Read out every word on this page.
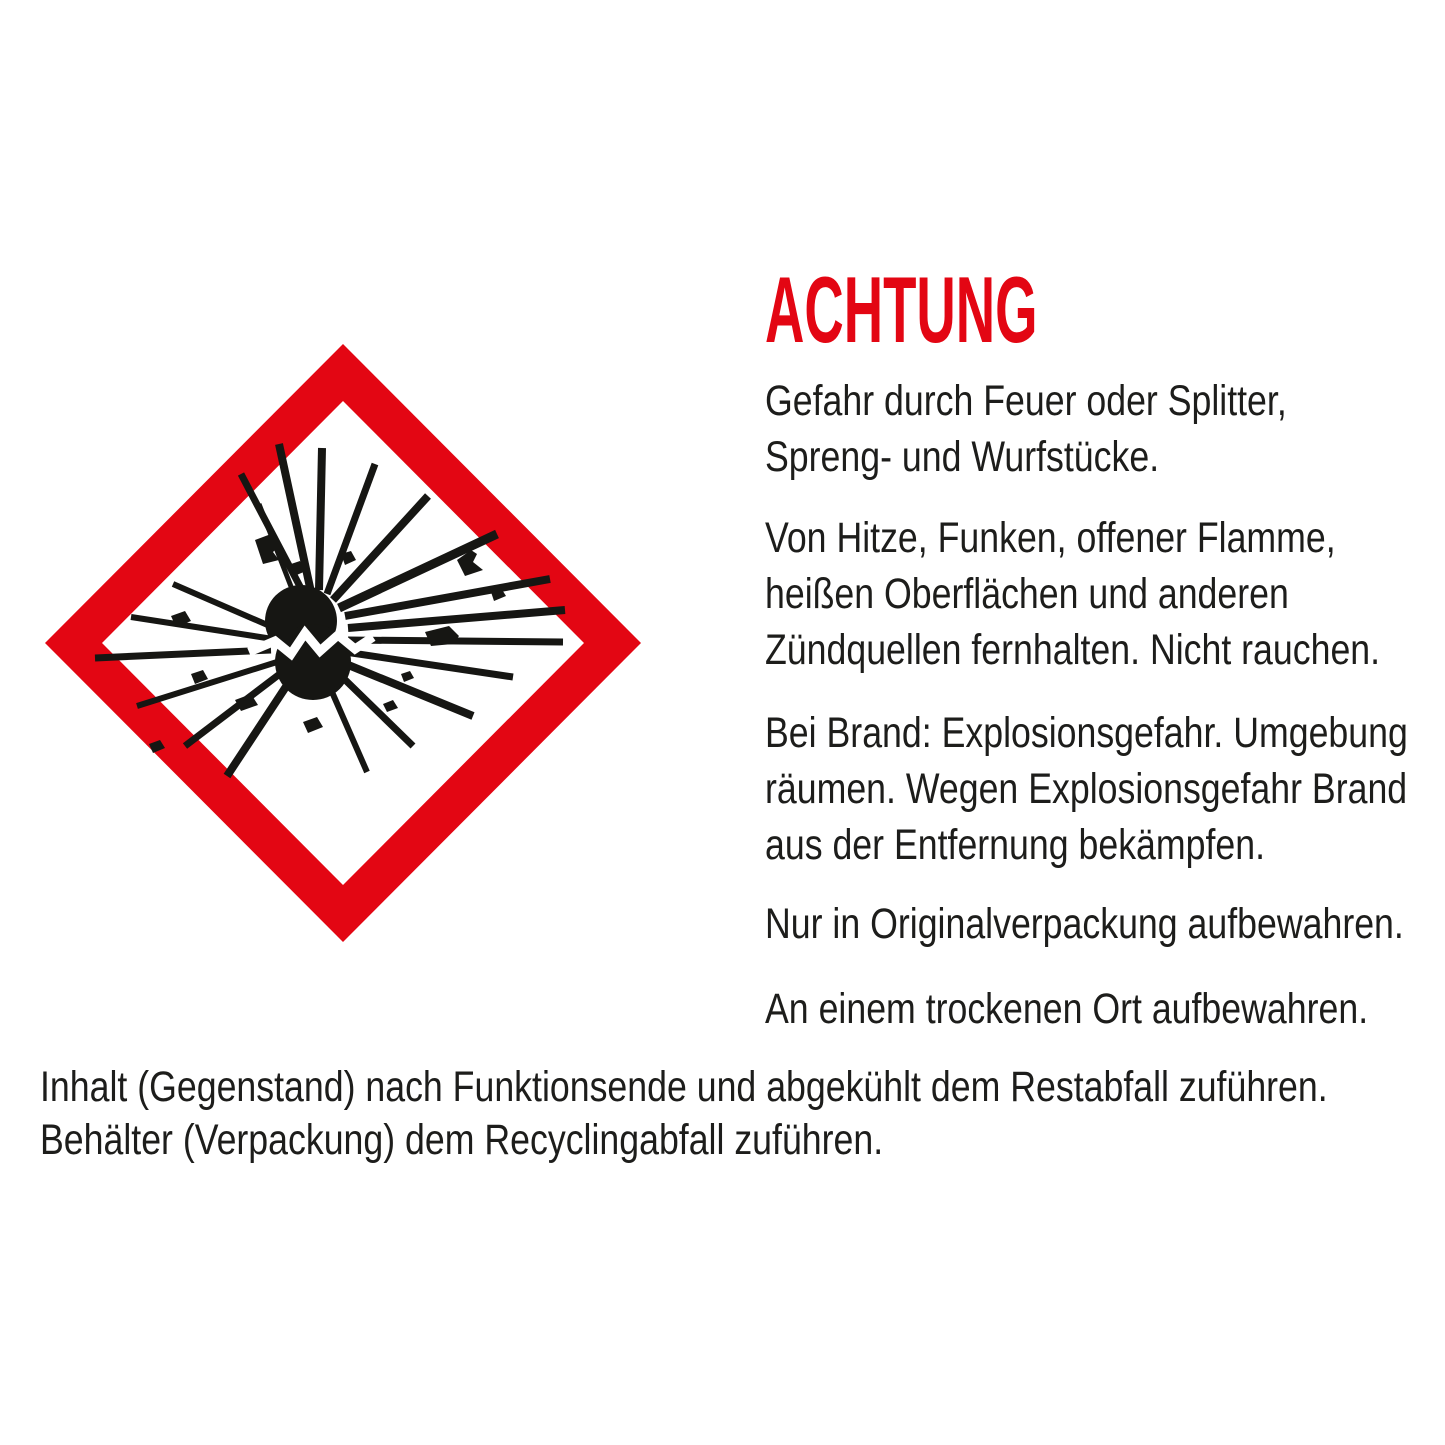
ACHTUNG

Gefahr durch Feuer oder Splitter,
Spreng- und Wurfstücke.

Von Hitze, Funken, offener Flamme,
heißen Oberflächen und anderen
Zündquellen fernhalten. Nicht rauchen.

Bei Brand: Explosionsgefahr. Umgebung
räumen. Wegen Explosionsgefahr Brand
aus der Entfernung bekämpfen.

Nur in Originalverpackung aufbewahren.

An einem trockenen Ort aufbewahren.

Inhalt (Gegenstand) nach Funktionsende und abgekühlt dem Restabfall zuführen.
Behälter (Verpackung) dem Recyclingabfall zuführen.
